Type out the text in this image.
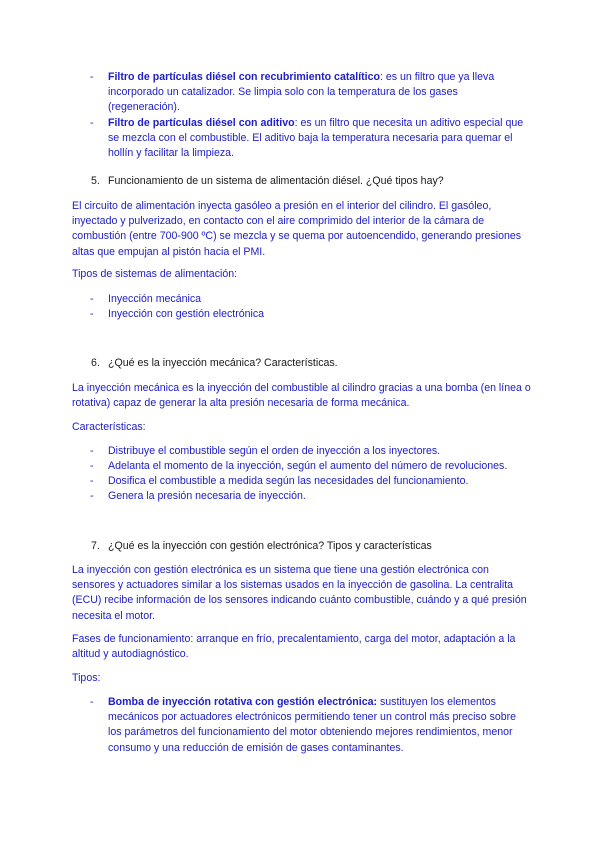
- Filtro de partículas diésel con recubrimiento catalítico: es un filtro que ya lleva incorporado un catalizador. Se limpia solo con la temperatura de los gases (regeneración).
- Filtro de partículas diésel con aditivo: es un filtro que necesita un aditivo especial que se mezcla con el combustible. El aditivo baja la temperatura necesaria para quemar el hollín y facilitar la limpieza.
5. Funcionamiento de un sistema de alimentación diésel. ¿Qué tipos hay?
El circuito de alimentación inyecta gasóleo a presión en el interior del cilindro. El gasóleo, inyectado y pulverizado, en contacto con el aire comprimido del interior de la cámara de combustión (entre 700-900 ºC) se mezcla y se quema por autoencendido, generando presiones altas que empujan al pistón hacia el PMI.
Tipos de sistemas de alimentación:
- Inyección mecánica
- Inyección con gestión electrónica
6. ¿Qué es la inyección mecánica? Características.
La inyección mecánica es la inyección del combustible al cilindro gracias a una bomba (en línea o rotativa) capaz de generar la alta presión necesaria de forma mecánica.
Características:
- Distribuye el combustible según el orden de inyección a los inyectores.
- Adelanta el momento de la inyección, según el aumento del número de revoluciones.
- Dosifica el combustible a medida según las necesidades del funcionamiento.
- Genera la presión necesaria de inyección.
7. ¿Qué es la inyección con gestión electrónica? Tipos y características
La inyección con gestión electrónica es un sistema que tiene una gestión electrónica con sensores y actuadores similar a los sistemas usados en la inyección de gasolina. La centralita (ECU) recibe información de los sensores indicando cuánto combustible, cuándo y a qué presión necesita el motor.
Fases de funcionamiento: arranque en frío, precalentamiento, carga del motor, adaptación a la altitud y autodiagnóstico.
Tipos:
- Bomba de inyección rotativa con gestión electrónica: sustituyen los elementos mecánicos por actuadores electrónicos permitiendo tener un control más preciso sobre los parámetros del funcionamiento del motor obteniendo mejores rendimientos, menor consumo y una reducción de emisión de gases contaminantes.
